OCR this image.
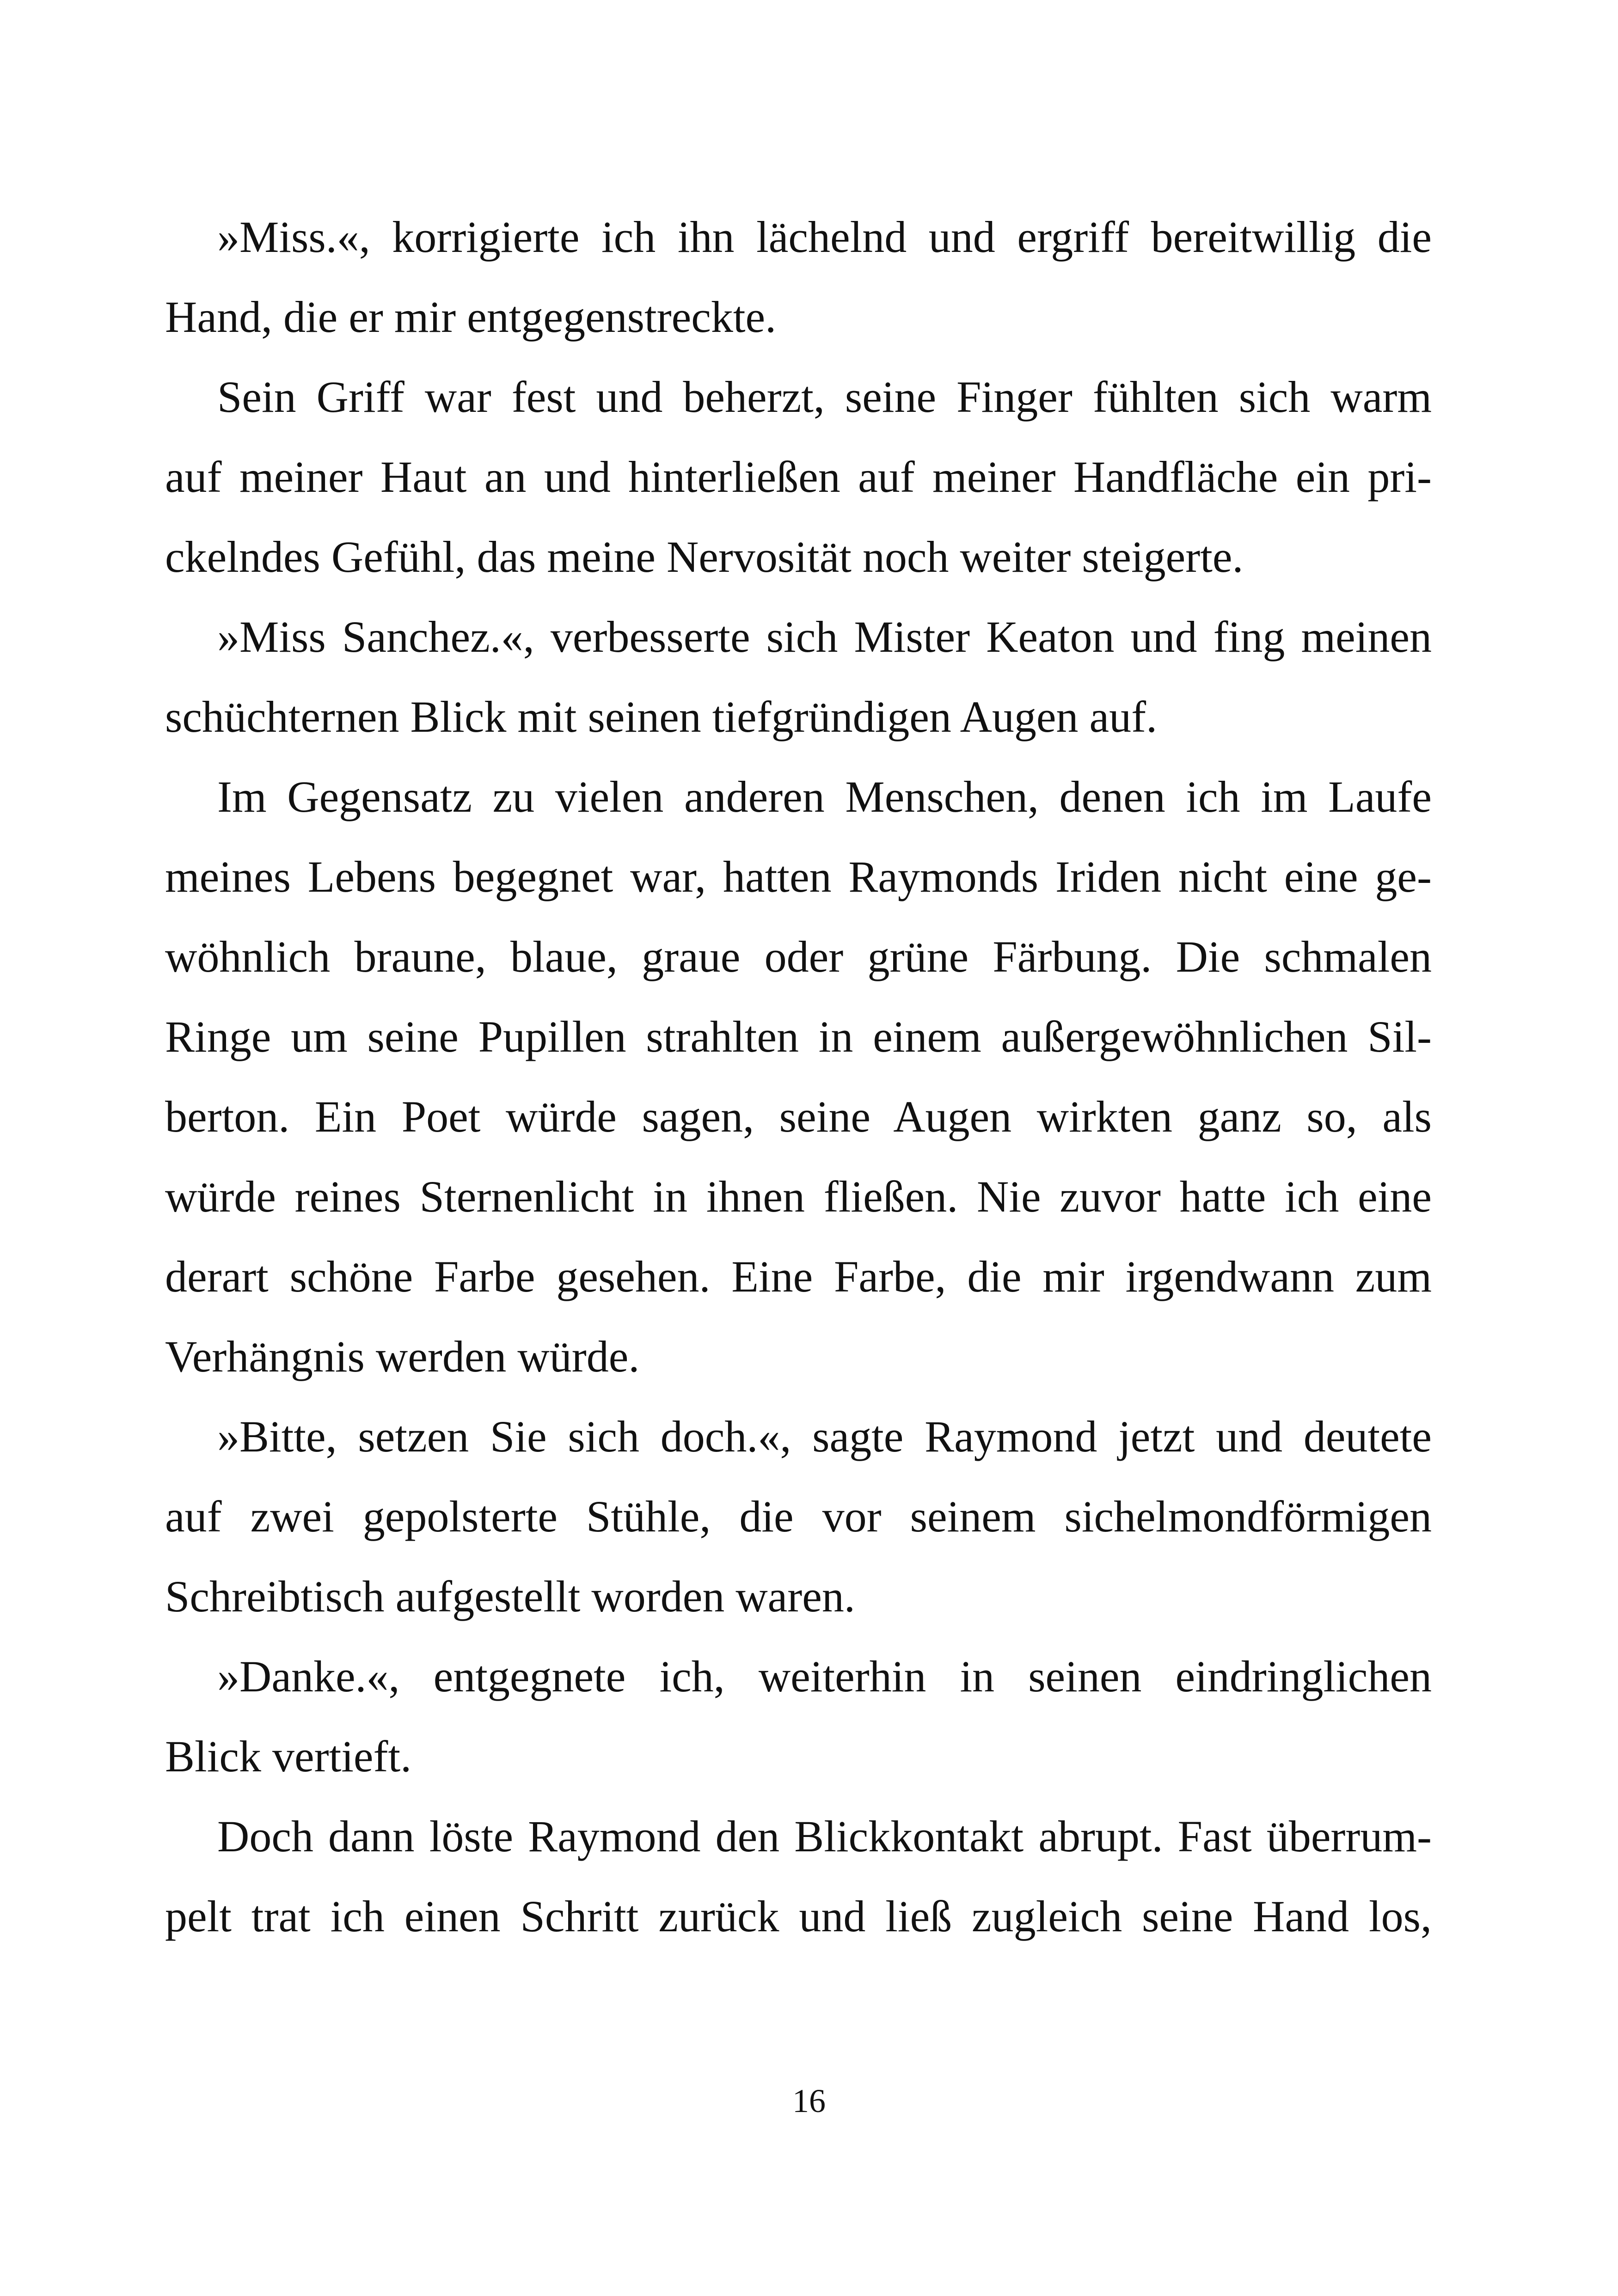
»Miss.«, korrigierte ich ihn lächelnd und ergriff bereitwillig die
Hand, die er mir entgegenstreckte.
Sein Griff war fest und beherzt, seine Finger fühlten sich warm
auf meiner Haut an und hinterließen auf meiner Handfläche ein pri-
ckelndes Gefühl, das meine Nervosität noch weiter steigerte.
»Miss Sanchez.«, verbesserte sich Mister Keaton und fing meinen
schüchternen Blick mit seinen tiefgründigen Augen auf.
Im Gegensatz zu vielen anderen Menschen, denen ich im Laufe
meines Lebens begegnet war, hatten Raymonds Iriden nicht eine ge-
wöhnlich braune, blaue, graue oder grüne Färbung. Die schmalen
Ringe um seine Pupillen strahlten in einem außergewöhnlichen Sil-
berton. Ein Poet würde sagen, seine Augen wirkten ganz so, als
würde reines Sternenlicht in ihnen fließen. Nie zuvor hatte ich eine
derart schöne Farbe gesehen. Eine Farbe, die mir irgendwann zum
Verhängnis werden würde.
»Bitte, setzen Sie sich doch.«, sagte Raymond jetzt und deutete
auf zwei gepolsterte Stühle, die vor seinem sichelmondförmigen
Schreibtisch aufgestellt worden waren.
»Danke.«, entgegnete ich, weiterhin in seinen eindringlichen
Blick vertieft.
Doch dann löste Raymond den Blickkontakt abrupt. Fast überrum-
pelt trat ich einen Schritt zurück und ließ zugleich seine Hand los,
16
